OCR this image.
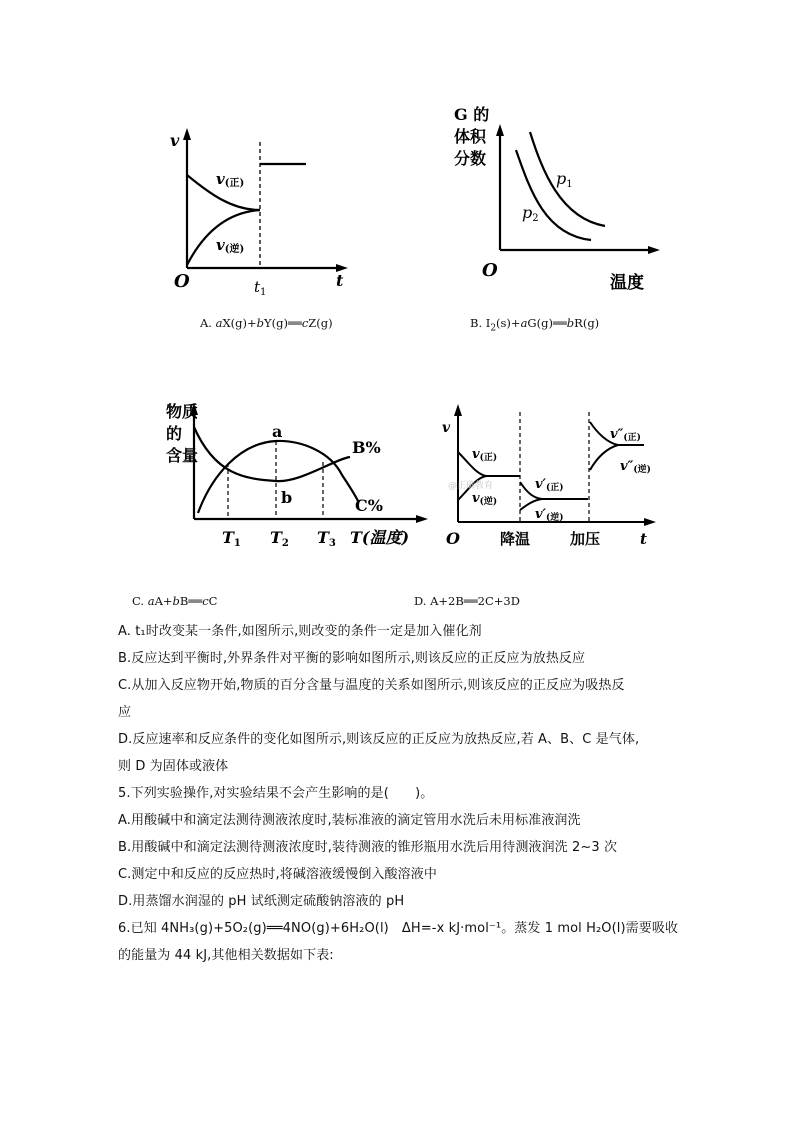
v
O	t
$t_1$
v(正)
v(逆)
A. aX(g)+bY(g)══cZ(g)
G 的
体积
分数
O
温度
p1
p2
B. $I_2(s)+aG(g)══bR(g)$
物质
的
含量
a
b
B%
C%
T1 T2 T3 T(温度)
C. aA+bB══cC
v
O	t
降温	加压
v(正)
v(逆)
v′(正)
v′(逆)
v″(正)
v″(逆)
@正确教育
D. A+2B══2C+3D
A. t₁时改变某一条件,如图所示,则改变的条件一定是加入催化剂
B.反应达到平衡时,外界条件对平衡的影响如图所示,则该反应的正反应为放热反应
C.从加入反应物开始,物质的百分含量与温度的关系如图所示,则该反应的正反应为吸热反
应
D.反应速率和反应条件的变化如图所示,则该反应的正反应为放热反应,若 A、B、C 是气体,
则 D 为固体或液体
5.下列实验操作,对实验结果不会产生影响的是(　　)。
A.用酸碱中和滴定法测待测液浓度时,装标准液的滴定管用水洗后未用标准液润洗
B.用酸碱中和滴定法测待测液浓度时,装待测液的锥形瓶用水洗后用待测液润洗 2~3 次
C.测定中和反应的反应热时,将碱溶液缓慢倒入酸溶液中
D.用蒸馏水润湿的 pH 试纸测定硫酸钠溶液的 pH
6.已知 4NH₃(g)+5O₂(g)══4NO(g)+6H₂O(l)　ΔH=-x kJ·mol⁻¹。蒸发 1 mol H₂O(l)需要吸收
的能量为 44 kJ,其他相关数据如下表:
